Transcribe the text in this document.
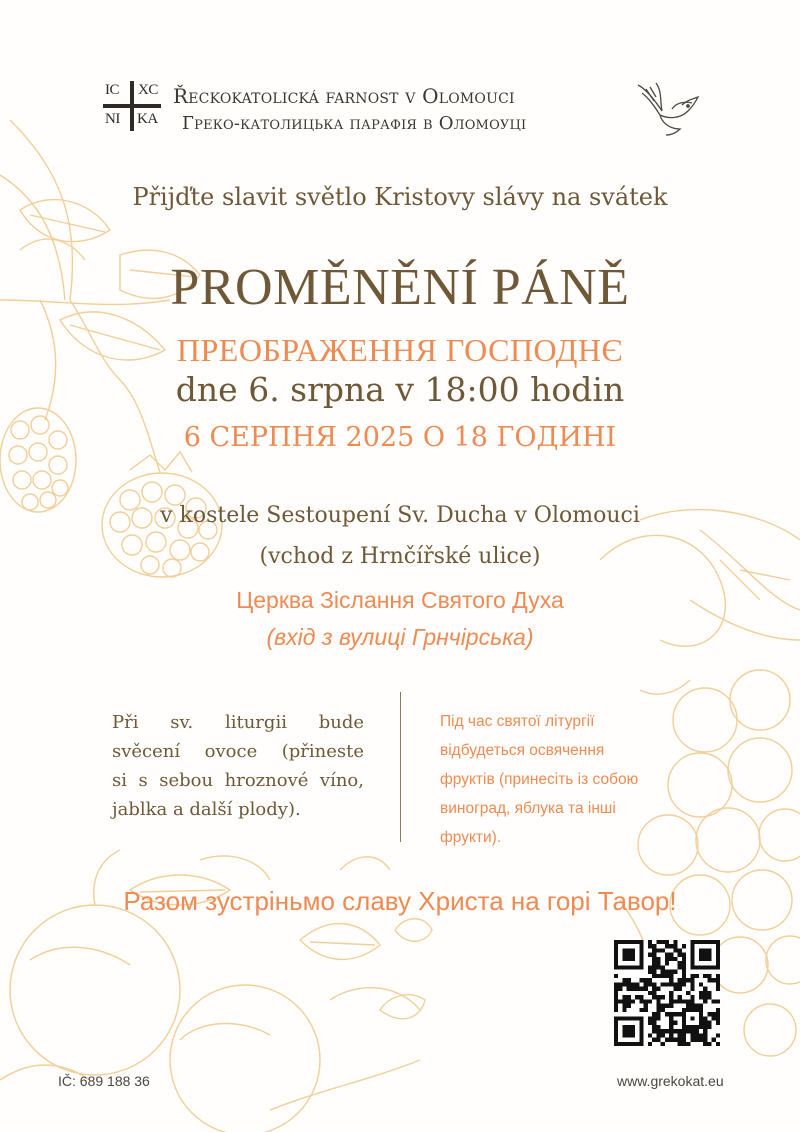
IC XC
NI KA
Řeckokatolická farnost v Olomouci
Греко-католицька парафія в Оломоуці
Přijďte slavit světlo Kristovy slávy na svátek
PROMĚNĚNÍ PÁNĚ
ПРЕОБРАЖЕННЯ ГОСПОДНЄ
dne 6. srpna v 18:00 hodin
6 СЕРПНЯ 2025 О 18 ГОДИНІ
v kostele Sestoupení Sv. Ducha v Olomouci
(vchod z Hrnčířské ulice)
Церква Зіслання Святого Духа
(вхід з вулиці Грнчірська)
Při sv. liturgii bude
svěcení ovoce (přineste
si s sebou hroznové víno,
jablka a další plody).
Під час святої літургії
відбудеться освячення
фруктів (принесіть із собою
виноград, яблука та інші
фрукти).
Разом зустріньмо славу Христа на горі Тавор!
IČ: 689 188 36	www.grekokat.eu
